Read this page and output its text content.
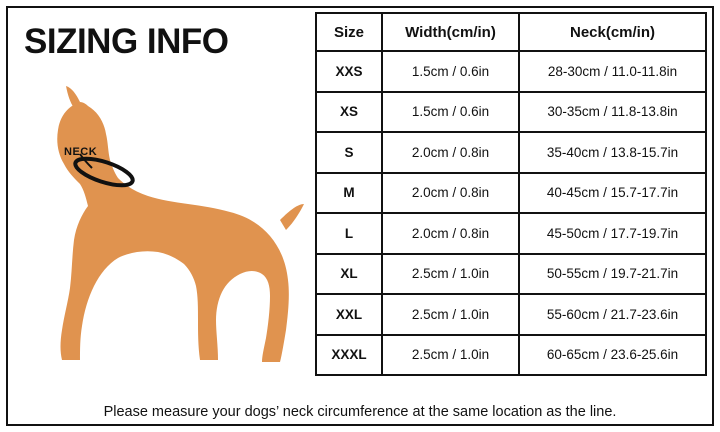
SIZING INFO
NECK
Size	Width(cm/in)	Neck(cm/in)
XXS	1.5cm / 0.6in	28-30cm / 11.0-11.8in
XS	1.5cm / 0.6in	30-35cm / 11.8-13.8in
S	2.0cm / 0.8in	35-40cm / 13.8-15.7in
M	2.0cm / 0.8in	40-45cm / 15.7-17.7in
L	2.0cm / 0.8in	45-50cm / 17.7-19.7in
XL	2.5cm / 1.0in	50-55cm / 19.7-21.7in
XXL	2.5cm / 1.0in	55-60cm / 21.7-23.6in
XXXL	2.5cm / 1.0in	60-65cm / 23.6-25.6in
Please measure your dogs’ neck circumference at the same location as the line.
